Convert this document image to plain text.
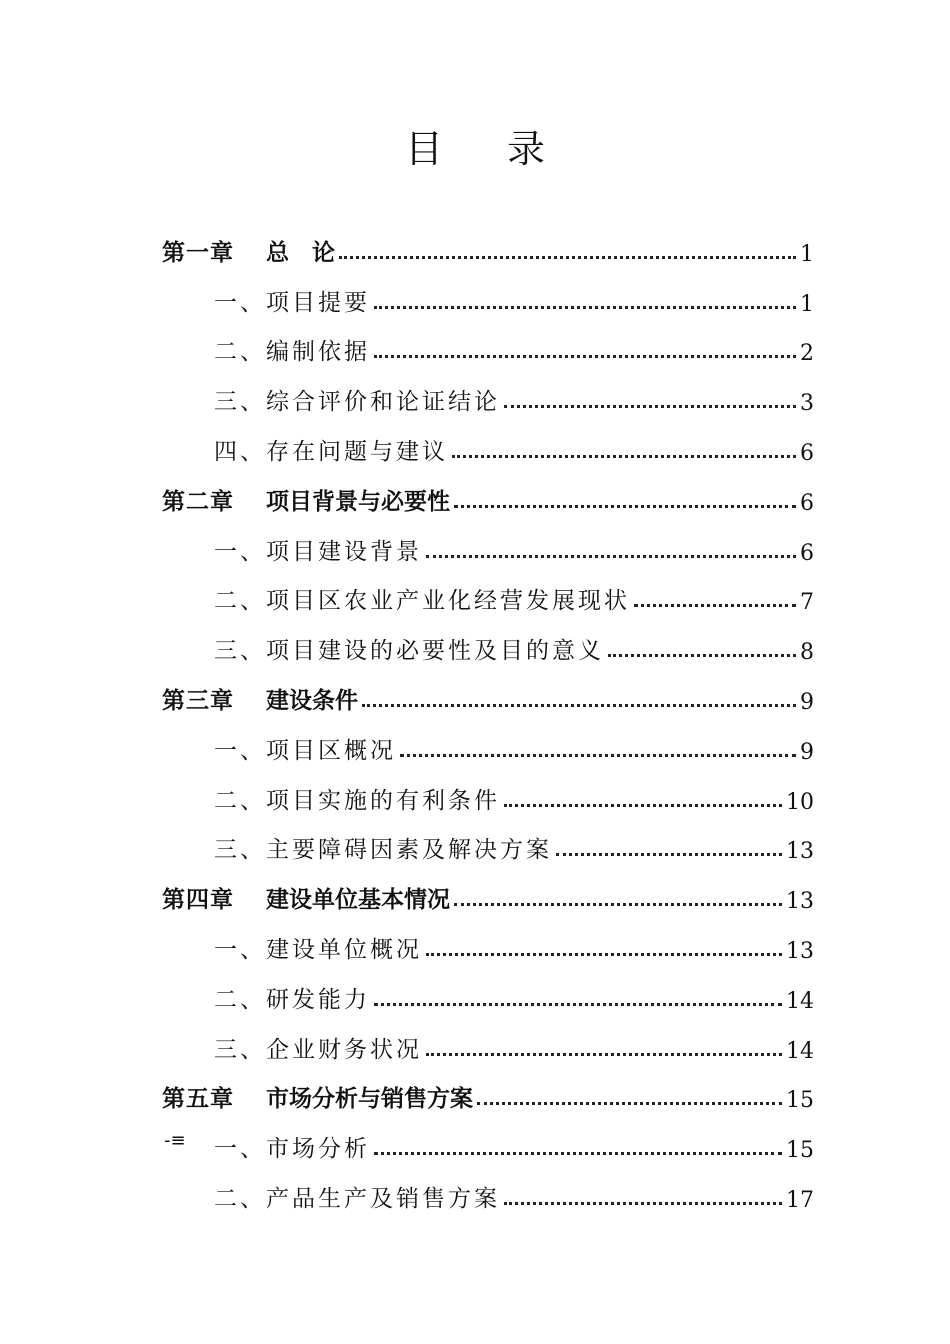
目 录
第一章 总　论	1
一、项目提要	1
二、编制依据	2
三、综合评价和论证结论	3
四、存在问题与建议	6
第二章 项目背景与必要性	6
一、项目建设背景	6
二、项目区农业产业化经营发展现状	7
三、项目建设的必要性及目的意义	8
第三章 建设条件	9
一、项目区概况	9
二、项目实施的有利条件	10
三、主要障碍因素及解决方案	13
第四章 建设单位基本情况	13
一、建设单位概况	13
二、研发能力	14
三、企业财务状况	14
第五章 市场分析与销售方案	15
一、市场分析	15
二、产品生产及销售方案	17
-≡
